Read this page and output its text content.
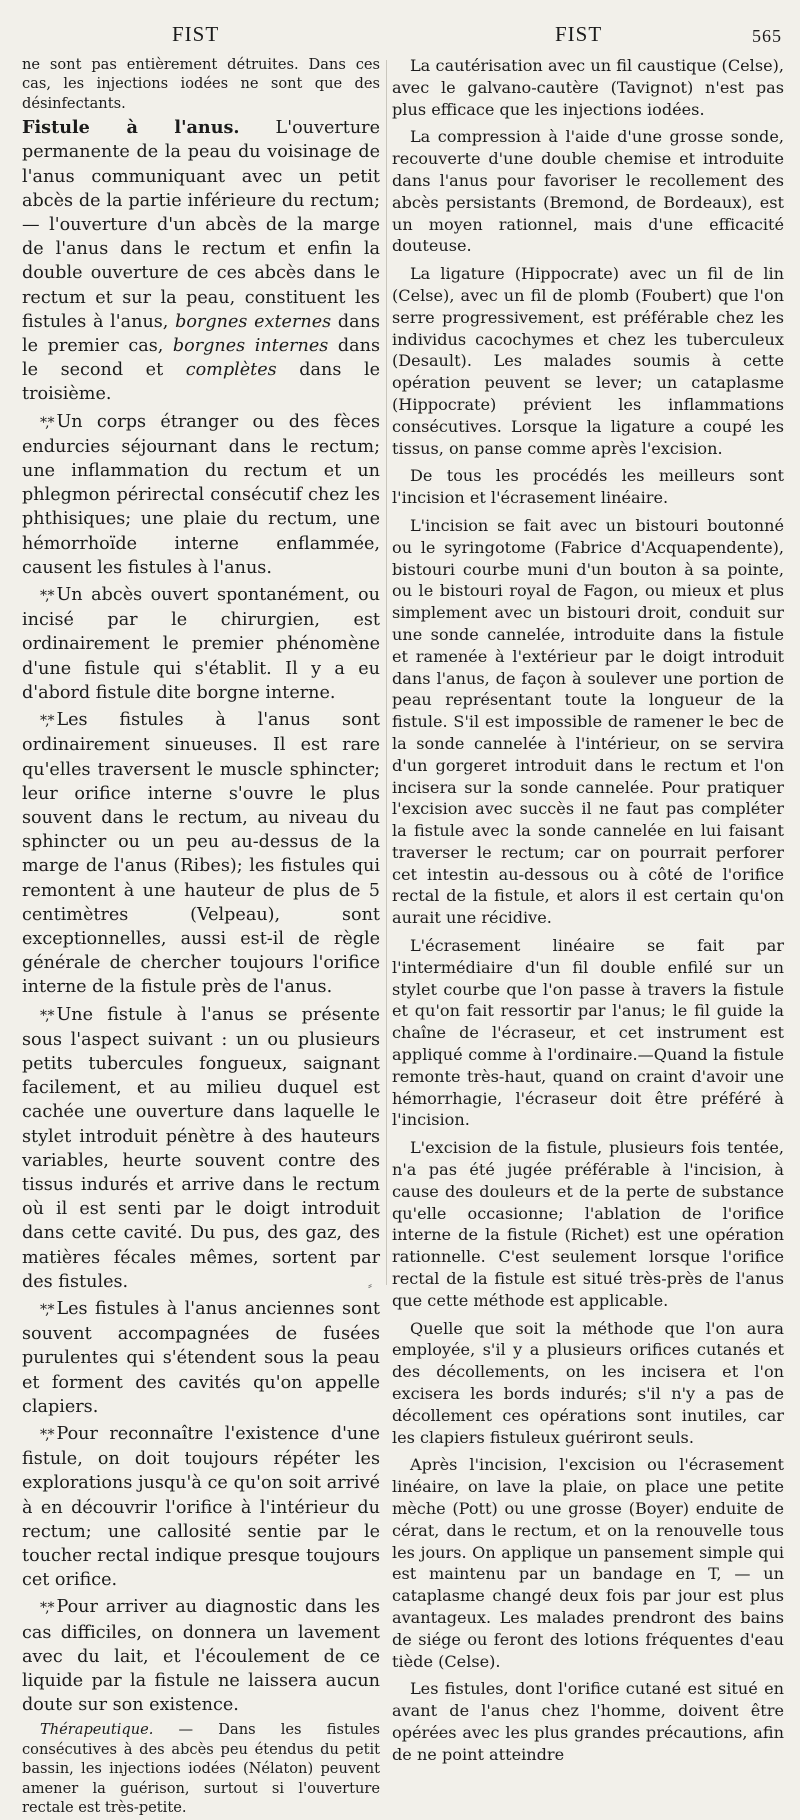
FIST	FIST	565

ne sont pas entièrement détruites. Dans ces cas, les injections iodées ne sont que des désinfectants.

Fistule à l'anus. L'ouverture permanente de la peau du voisinage de l'anus communiquant avec un petit abcès de la partie inférieure du rectum; — l'ouverture d'un abcès de la marge de l'anus dans le rectum et enfin la double ouverture de ces abcès dans le rectum et sur la peau, constituent les fistules à l'anus, borgnes externes dans le premier cas, borgnes internes dans le second et complètes dans le troisième.

*‚* Un corps étranger ou des fèces endurcies séjournant dans le rectum; une inflammation du rectum et un phlegmon périrectal consécutif chez les phthisiques; une plaie du rectum, une hémorrhoïde interne enflammée, causent les fistules à l'anus.

*‚* Un abcès ouvert spontanément, ou incisé par le chirurgien, est ordinairement le premier phénomène d'une fistule qui s'établit. Il y a eu d'abord fistule dite borgne interne.

*‚* Les fistules à l'anus sont ordinairement sinueuses. Il est rare qu'elles traversent le muscle sphincter; leur orifice interne s'ouvre le plus souvent dans le rectum, au niveau du sphincter ou un peu au-dessus de la marge de l'anus (Ribes); les fistules qui remontent à une hauteur de plus de 5 centimètres (Velpeau), sont exceptionnelles, aussi est-il de règle générale de chercher toujours l'orifice interne de la fistule près de l'anus.

*‚* Une fistule à l'anus se présente sous l'aspect suivant : un ou plusieurs petits tubercules fongueux, saignant facilement, et au milieu duquel est cachée une ouverture dans laquelle le stylet introduit pénètre à des hauteurs variables, heurte souvent contre des tissus indurés et arrive dans le rectum où il est senti par le doigt introduit dans cette cavité. Du pus, des gaz, des matières fécales mêmes, sortent par des fistules.

*‚* Les fistules à l'anus anciennes sont souvent accompagnées de fusées purulentes qui s'étendent sous la peau et forment des cavités qu'on appelle clapiers.

*‚* Pour reconnaître l'existence d'une fistule, on doit toujours répéter les explorations jusqu'à ce qu'on soit arrivé à en découvrir l'orifice à l'intérieur du rectum; une callosité sentie par le toucher rectal indique presque toujours cet orifice.

*‚* Pour arriver au diagnostic dans les cas difficiles, on donnera un lavement avec du lait, et l'écoulement de ce liquide par la fistule ne laissera aucun doute sur son existence.

Thérapeutique. — Dans les fistules consécutives à des abcès peu étendus du petit bassin, les injections iodées (Nélaton) peuvent amener la guérison, surtout si l'ouverture rectale est très-petite.

La cautérisation avec un fil caustique (Celse), avec le galvano-cautère (Tavignot) n'est pas plus efficace que les injections iodées.

La compression à l'aide d'une grosse sonde, recouverte d'une double chemise et introduite dans l'anus pour favoriser le recollement des abcès persistants (Bremond, de Bordeaux), est un moyen rationnel, mais d'une efficacité douteuse.

La ligature (Hippocrate) avec un fil de lin (Celse), avec un fil de plomb (Foubert) que l'on serre progressivement, est préférable chez les individus cacochymes et chez les tuberculeux (Desault). Les malades soumis à cette opération peuvent se lever; un cataplasme (Hippocrate) prévient les inflammations consécutives. Lorsque la ligature a coupé les tissus, on panse comme après l'excision.

De tous les procédés les meilleurs sont l'incision et l'écrasement linéaire.

L'incision se fait avec un bistouri boutonné ou le syringotome (Fabrice d'Acquapendente), bistouri courbe muni d'un bouton à sa pointe, ou le bistouri royal de Fagon, ou mieux et plus simplement avec un bistouri droit, conduit sur une sonde cannelée, introduite dans la fistule et ramenée à l'extérieur par le doigt introduit dans l'anus, de façon à soulever une portion de peau représentant toute la longueur de la fistule. S'il est impossible de ramener le bec de la sonde cannelée à l'intérieur, on se servira d'un gorgeret introduit dans le rectum et l'on incisera sur la sonde cannelée. Pour pratiquer l'excision avec succès il ne faut pas compléter la fistule avec la sonde cannelée en lui faisant traverser le rectum; car on pourrait perforer cet intestin au-dessous ou à côté de l'orifice rectal de la fistule, et alors il est certain qu'on aurait une récidive.

L'écrasement linéaire se fait par l'intermédiaire d'un fil double enfilé sur un stylet courbe que l'on passe à travers la fistule et qu'on fait ressortir par l'anus; le fil guide la chaîne de l'écraseur, et cet instrument est appliqué comme à l'ordinaire.—Quand la fistule remonte très-haut, quand on craint d'avoir une hémorrhagie, l'écraseur doit être préféré à l'incision.

L'excision de la fistule, plusieurs fois tentée, n'a pas été jugée préférable à l'incision, à cause des douleurs et de la perte de substance qu'elle occasionne; l'ablation de l'orifice interne de la fistule (Richet) est une opération rationnelle. C'est seulement lorsque l'orifice rectal de la fistule est situé très-près de l'anus que cette méthode est applicable.

Quelle que soit la méthode que l'on aura employée, s'il y a plusieurs orifices cutanés et des décollements, on les incisera et l'on excisera les bords indurés; s'il n'y a pas de décollement ces opérations sont inutiles, car les clapiers fistuleux guériront seuls.

Après l'incision, l'excision ou l'écrasement linéaire, on lave la plaie, on place une petite mèche (Pott) ou une grosse (Boyer) enduite de cérat, dans le rectum, et on la renouvelle tous les jours. On applique un pansement simple qui est maintenu par un bandage en T, — un cataplasme changé deux fois par jour est plus avantageux. Les malades prendront des bains de siége ou feront des lotions fréquentes d'eau tiède (Celse).

Les fistules, dont l'orifice cutané est situé en avant de l'anus chez l'homme, doivent être opérées avec les plus grandes précautions, afin de ne point atteindre

⸗
